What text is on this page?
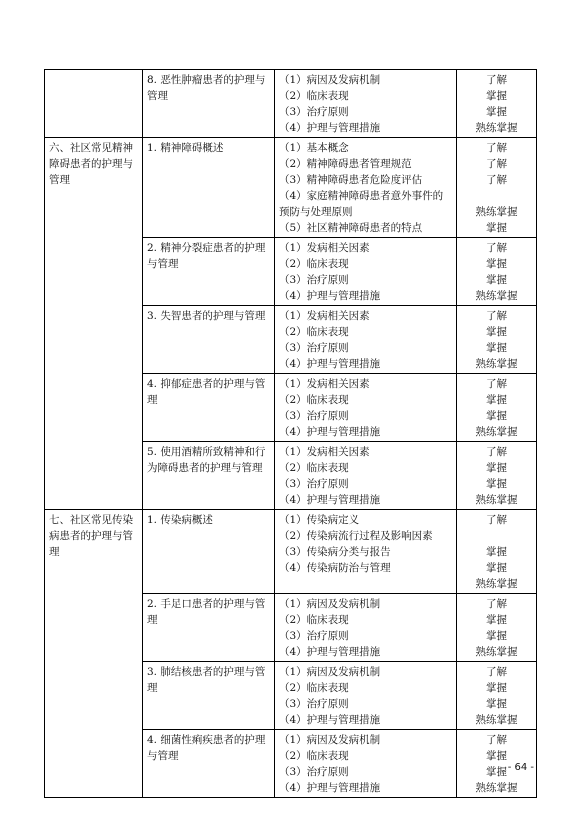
	8. 恶性肿瘤患者的护理与管理	（1）病因及发病机制
（2）临床表现
（3）治疗原则
（4）护理与管理措施	了解
掌握
掌握
熟练掌握

六、社区常见精神障碍患者的护理与管理	1. 精神障碍概述	（1）基本概念
（2）精神障碍患者管理规范
（3）精神障碍患者危险度评估
（4）家庭精神障碍患者意外事件的预防与处理原则
（5）社区精神障碍患者的特点	了解
了解
了解
熟练掌握
掌握

	2. 精神分裂症患者的护理与管理	（1）发病相关因素
（2）临床表现
（3）治疗原则
（4）护理与管理措施	了解
掌握
掌握
熟练掌握

	3. 失智患者的护理与管理	（1）发病相关因素
（2）临床表现
（3）治疗原则
（4）护理与管理措施	了解
掌握
掌握
熟练掌握

	4. 抑郁症患者的护理与管理	（1）发病相关因素
（2）临床表现
（3）治疗原则
（4）护理与管理措施	了解
掌握
掌握
熟练掌握

	5. 使用酒精所致精神和行为障碍患者的护理与管理	（1）发病相关因素
（2）临床表现
（3）治疗原则
（4）护理与管理措施	了解
掌握
掌握
熟练掌握

七、社区常见传染病患者的护理与管理	1. 传染病概述	（1）传染病定义
（2）传染病流行过程及影响因素
（3）传染病分类与报告
（4）传染病防治与管理	了解
掌握
掌握
熟练掌握

	2. 手足口患者的护理与管理	（1）病因及发病机制
（2）临床表现
（3）治疗原则
（4）护理与管理措施	了解
掌握
掌握
熟练掌握

	3. 肺结核患者的护理与管理	（1）病因及发病机制
（2）临床表现
（3）治疗原则
（4）护理与管理措施	了解
掌握
掌握
熟练掌握

	4. 细菌性痢疾患者的护理与管理	（1）病因及发病机制
（2）临床表现
（3）治疗原则
（4）护理与管理措施	了解
掌握
掌握
熟练掌握
- 64 -
